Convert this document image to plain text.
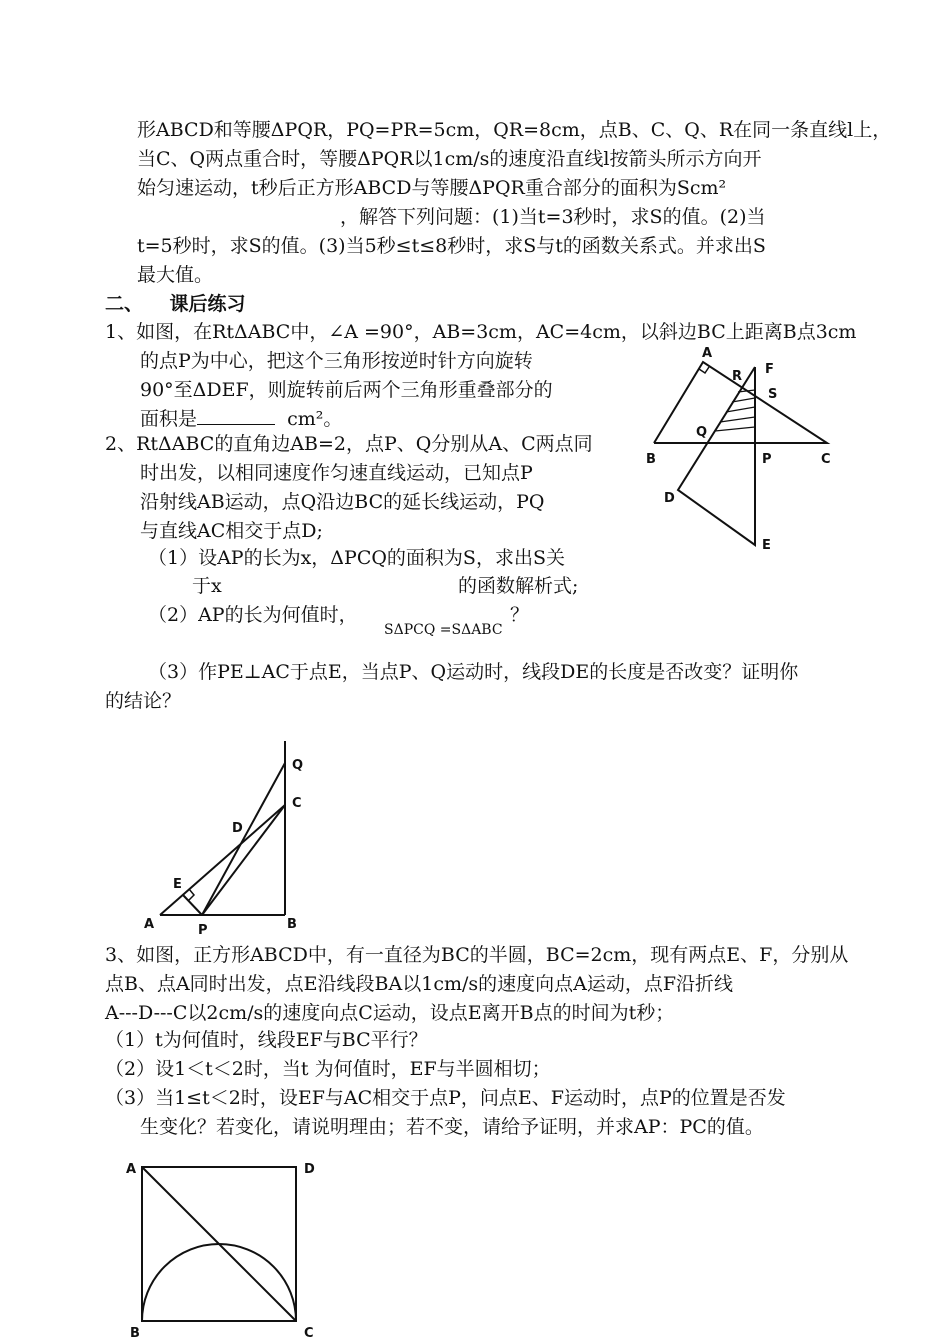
形ABCD和等腰ΔPQR，PQ=PR=5cm，QR=8cm，点B、C、Q、R在同一条直线l上，
当C、Q两点重合时，等腰ΔPQR以1cm/s的速度沿直线l按箭头所示方向开
始匀速运动，t秒后正方形ABCD与等腰ΔPQR重合部分的面积为Scm²
，解答下列问题：(1)当t=3秒时，求S的值。(2)当
t=5秒时，求S的值。(3)当5秒≤t≤8秒时，求S与t的函数关系式。并求出S
最大值。
二、    课后练习
1、如图，在RtΔABC中，∠A =90°，AB=3cm，AC=4cm，以斜边BC上距离B点3cm
的点P为中心，把这个三角形按逆时针方向旋转
90°至ΔDEF，则旋转前后两个三角形重叠部分的
面积是	cm²。
2、RtΔABC的直角边AB=2，点P、Q分别从A、C两点同
时出发，以相同速度作匀速直线运动，已知点P
沿射线AB运动，点Q沿边BC的延长线运动，PQ
与直线AC相交于点D;
（1）设AP的长为x，ΔPCQ的面积为S，求出S关
于x	的函数解析式;
（2）AP的长为何值时，
SΔPCQ =SΔABC
？
（3）作PE⊥AC于点E，当点P、Q运动时，线段DE的长度是否改变？证明你
的结论？
3、如图，正方形ABCD中，有一直径为BC的半圆，BC=2cm，现有两点E、F，分别从
点B、点A同时出发，点E沿线段BA以1cm/s的速度向点A运动，点F沿折线
A---D---C以2cm/s的速度向点C运动，设点E离开B点的时间为t秒；
（1）t为何值时，线段EF与BC平行？
（2）设1＜t＜2时，当t 为何值时，EF与半圆相切；
（3）当1≤t＜2时，设EF与AC相交于点P，问点E、F运动时，点P的位置是否发
生变化？若变化，请说明理由；若不变，请给予证明，并求AP：PC的值。
A
R F
S
Q
B	P	C
D
E
Q
C
D
E
A	P	B
A	D
B	C
